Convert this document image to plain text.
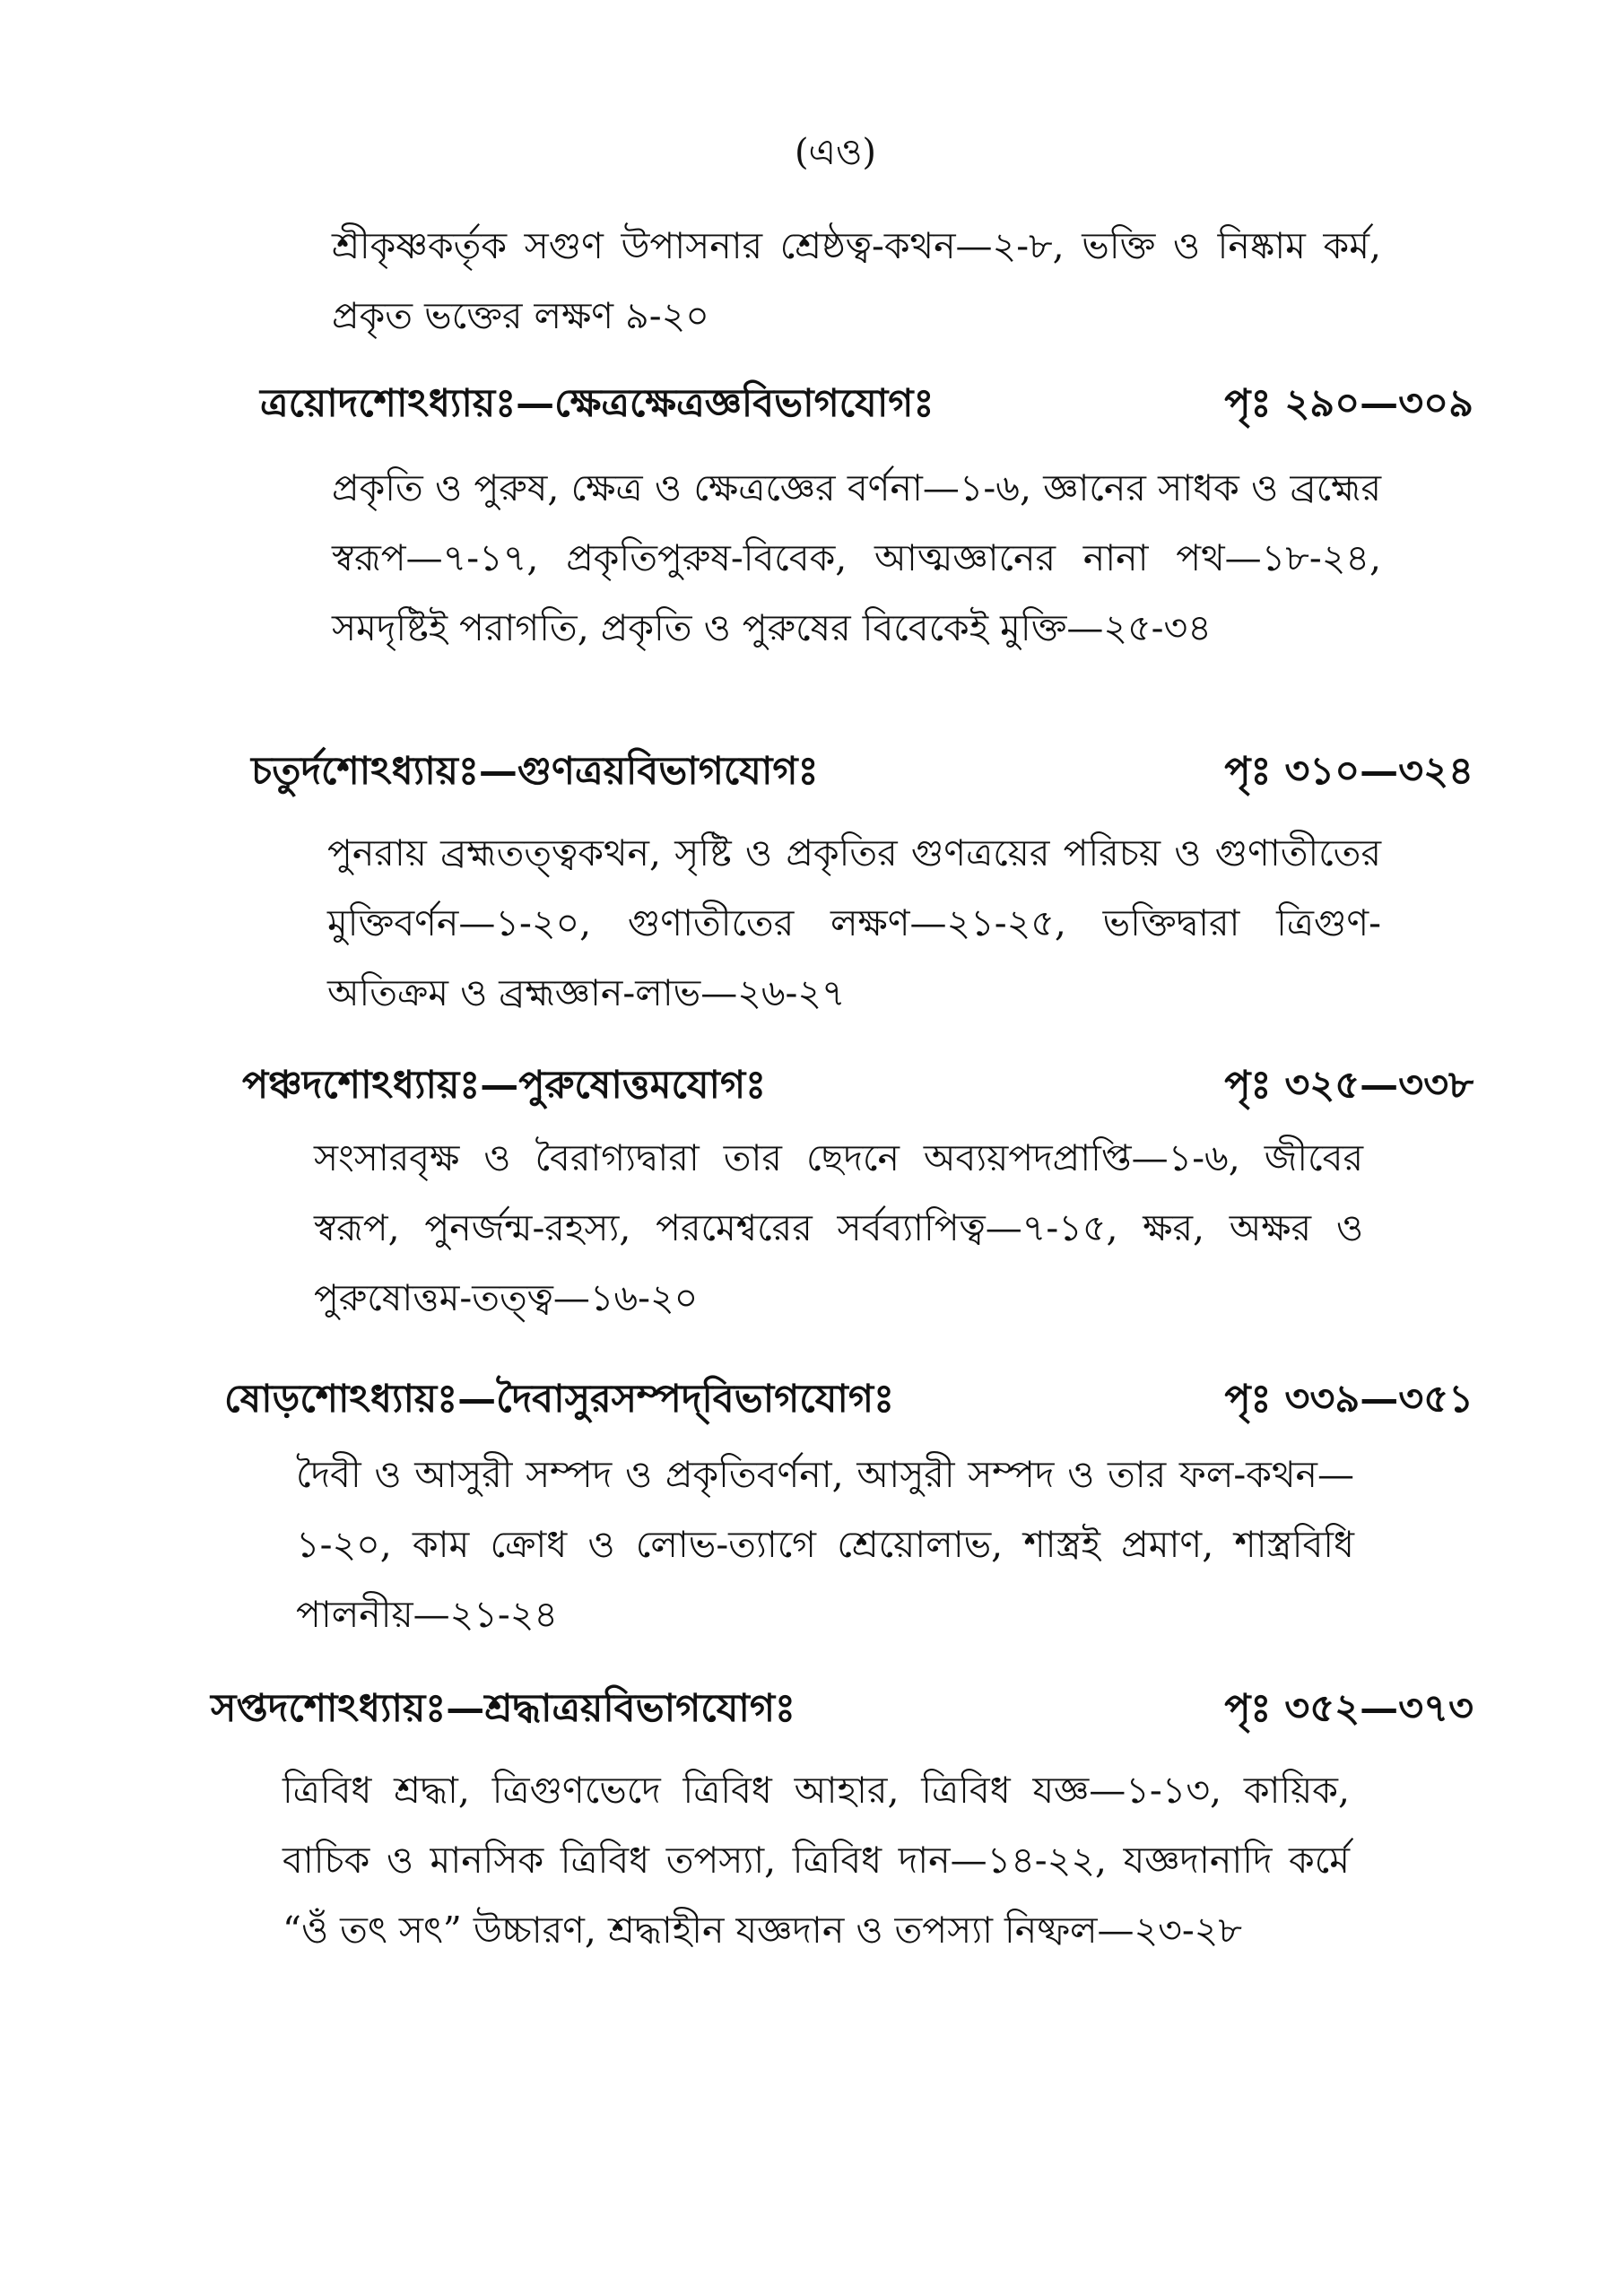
(এও)
শ্রীকৃষ্ণকর্তৃক সগুণ উপাসনার শ্রেষ্ঠত্ব-কথন—২-৮, ভক্তি ও নিষ্কাম কর্ম, প্রকৃত ভক্তের লক্ষণ ৯-২০
ত্রয়োদশোঽধ্যায়ঃ—ক্ষেত্রক্ষেত্রজ্ঞবিভাগযোগঃ	পৃঃ ২৯০—৩০৯
প্রকৃতি ও পুরুষ, ক্ষেত্র ও ক্ষেত্রজ্ঞের বর্ণনা—১-৬, জ্ঞানের সাধক ও ব্রহ্মের স্বরূপ—৭-১৭, প্রকৃতিপুরুষ-বিবেক, আত্মজ্ঞানের নানা পথ—১৮-২৪, সমদৃষ্টিই পরাগতি, প্রকৃতি ও পুরুষের বিবেকেই মুক্তি—২৫-৩৪
চতুর্দশোঽধ্যায়ঃ—গুণত্রয়বিভাগযোগঃ	পৃঃ ৩১০—৩২৪
পুনরায় ব্রহ্মতত্ত্বকথন, সৃষ্টি ও প্রকৃতির গুণত্রয়ের পরিচয় ও গুণাতীতের মুক্তিবর্ণন—১-২০, গুণাতীতের লক্ষণ—২১-২৫, ভক্তিদ্বারা ত্রিগুণ-অতিক্রম ও ব্রহ্মজ্ঞান-লাভ—২৬-২৭
পঞ্চদশোঽধ্যায়ঃ—পুরুষোত্তমযোগঃ	পৃঃ ৩২৫—৩৩৮
সংসারবৃক্ষ ও বৈরাগ্যদ্বারা তার ছেদনে অব্যয়পদপ্রাপ্তি—১-৬, জীবের স্বরূপ, পুনর্জন্ম-রহস্য, পরমেশ্বরের সর্বব্যাপিত্ব—৭-১৫, ক্ষর, অক্ষর ও পুরুষোত্তম-তত্ত্ব—১৬-২০
ষোড়শোঽধ্যায়ঃ—দৈবাসুরসম্পদ্‌বিভাগযোগঃ	পৃঃ ৩৩৯—৩৫১
দৈবী ও আসুরী সম্পদ ও প্রকৃতিবর্ণনা, আসুরী সম্পদ ও তার ফল-কথন—১-২০, কাম ক্রোধ ও লোভ-ত্যাগে শ্রেয়োলাভ, শাস্ত্রই প্রমাণ, শাস্ত্রবিধি পালনীয়—২১-২৪
সপ্তদশোঽধ্যায়ঃ—শ্রদ্ধাত্রয়বিভাগযোগঃ	পৃঃ ৩৫২—৩৭৩
ত্রিবিধ শ্রদ্ধা, ত্রিগুণভেদে ত্রিবিধ আহার, ত্রিবিধ যজ্ঞ—১-১৩, কায়িক, বাচিক ও মানসিক ত্রিবিধ তপস্যা, ত্রিবিধ দান—১৪-২২, যজ্ঞদানাদি কর্মে “ওঁ তৎ সৎ” উচ্চারণ, শ্রদ্ধাহীন যজ্ঞদান ও তপস্যা নিষ্ফল—২৩-২৮
